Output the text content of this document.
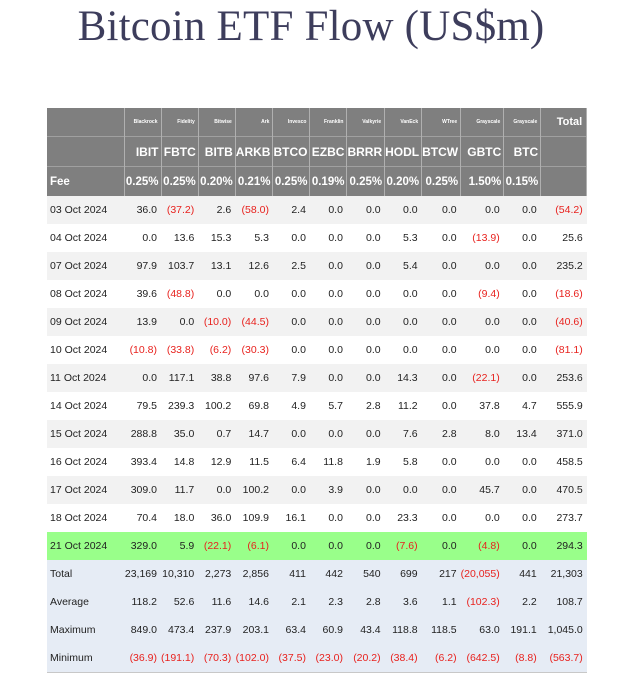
Bitcoin ETF Flow (US$m)
	Blackrock	Fidelity	Bitwise	Ark	Invesco	Franklin	Valkyrie	VanEck	WTree	Grayscale	Grayscale	Total
	IBIT	FBTC	BITB	ARKB	BTCO	EZBC	BRRR	HODL	BTCW	GBTC	BTC	
Fee	0.25%	0.25%	0.20%	0.21%	0.25%	0.19%	0.25%	0.20%	0.25%	1.50%	0.15%	
03 Oct 2024	36.0	(37.2)	2.6	(58.0)	2.4	0.0	0.0	0.0	0.0	0.0	0.0	(54.2)
04 Oct 2024	0.0	13.6	15.3	5.3	0.0	0.0	0.0	5.3	0.0	(13.9)	0.0	25.6
07 Oct 2024	97.9	103.7	13.1	12.6	2.5	0.0	0.0	5.4	0.0	0.0	0.0	235.2
08 Oct 2024	39.6	(48.8)	0.0	0.0	0.0	0.0	0.0	0.0	0.0	(9.4)	0.0	(18.6)
09 Oct 2024	13.9	0.0	(10.0)	(44.5)	0.0	0.0	0.0	0.0	0.0	0.0	0.0	(40.6)
10 Oct 2024	(10.8)	(33.8)	(6.2)	(30.3)	0.0	0.0	0.0	0.0	0.0	0.0	0.0	(81.1)
11 Oct 2024	0.0	117.1	38.8	97.6	7.9	0.0	0.0	14.3	0.0	(22.1)	0.0	253.6
14 Oct 2024	79.5	239.3	100.2	69.8	4.9	5.7	2.8	11.2	0.0	37.8	4.7	555.9
15 Oct 2024	288.8	35.0	0.7	14.7	0.0	0.0	0.0	7.6	2.8	8.0	13.4	371.0
16 Oct 2024	393.4	14.8	12.9	11.5	6.4	11.8	1.9	5.8	0.0	0.0	0.0	458.5
17 Oct 2024	309.0	11.7	0.0	100.2	0.0	3.9	0.0	0.0	0.0	45.7	0.0	470.5
18 Oct 2024	70.4	18.0	36.0	109.9	16.1	0.0	0.0	23.3	0.0	0.0	0.0	273.7
21 Oct 2024	329.0	5.9	(22.1)	(6.1)	0.0	0.0	0.0	(7.6)	0.0	(4.8)	0.0	294.3
Total	23,169	10,310	2,273	2,856	411	442	540	699	217	(20,055)	441	21,303
Average	118.2	52.6	11.6	14.6	2.1	2.3	2.8	3.6	1.1	(102.3)	2.2	108.7
Maximum	849.0	473.4	237.9	203.1	63.4	60.9	43.4	118.8	118.5	63.0	191.1	1,045.0
Minimum	(36.9)	(191.1)	(70.3)	(102.0)	(37.5)	(23.0)	(20.2)	(38.4)	(6.2)	(642.5)	(8.8)	(563.7)
